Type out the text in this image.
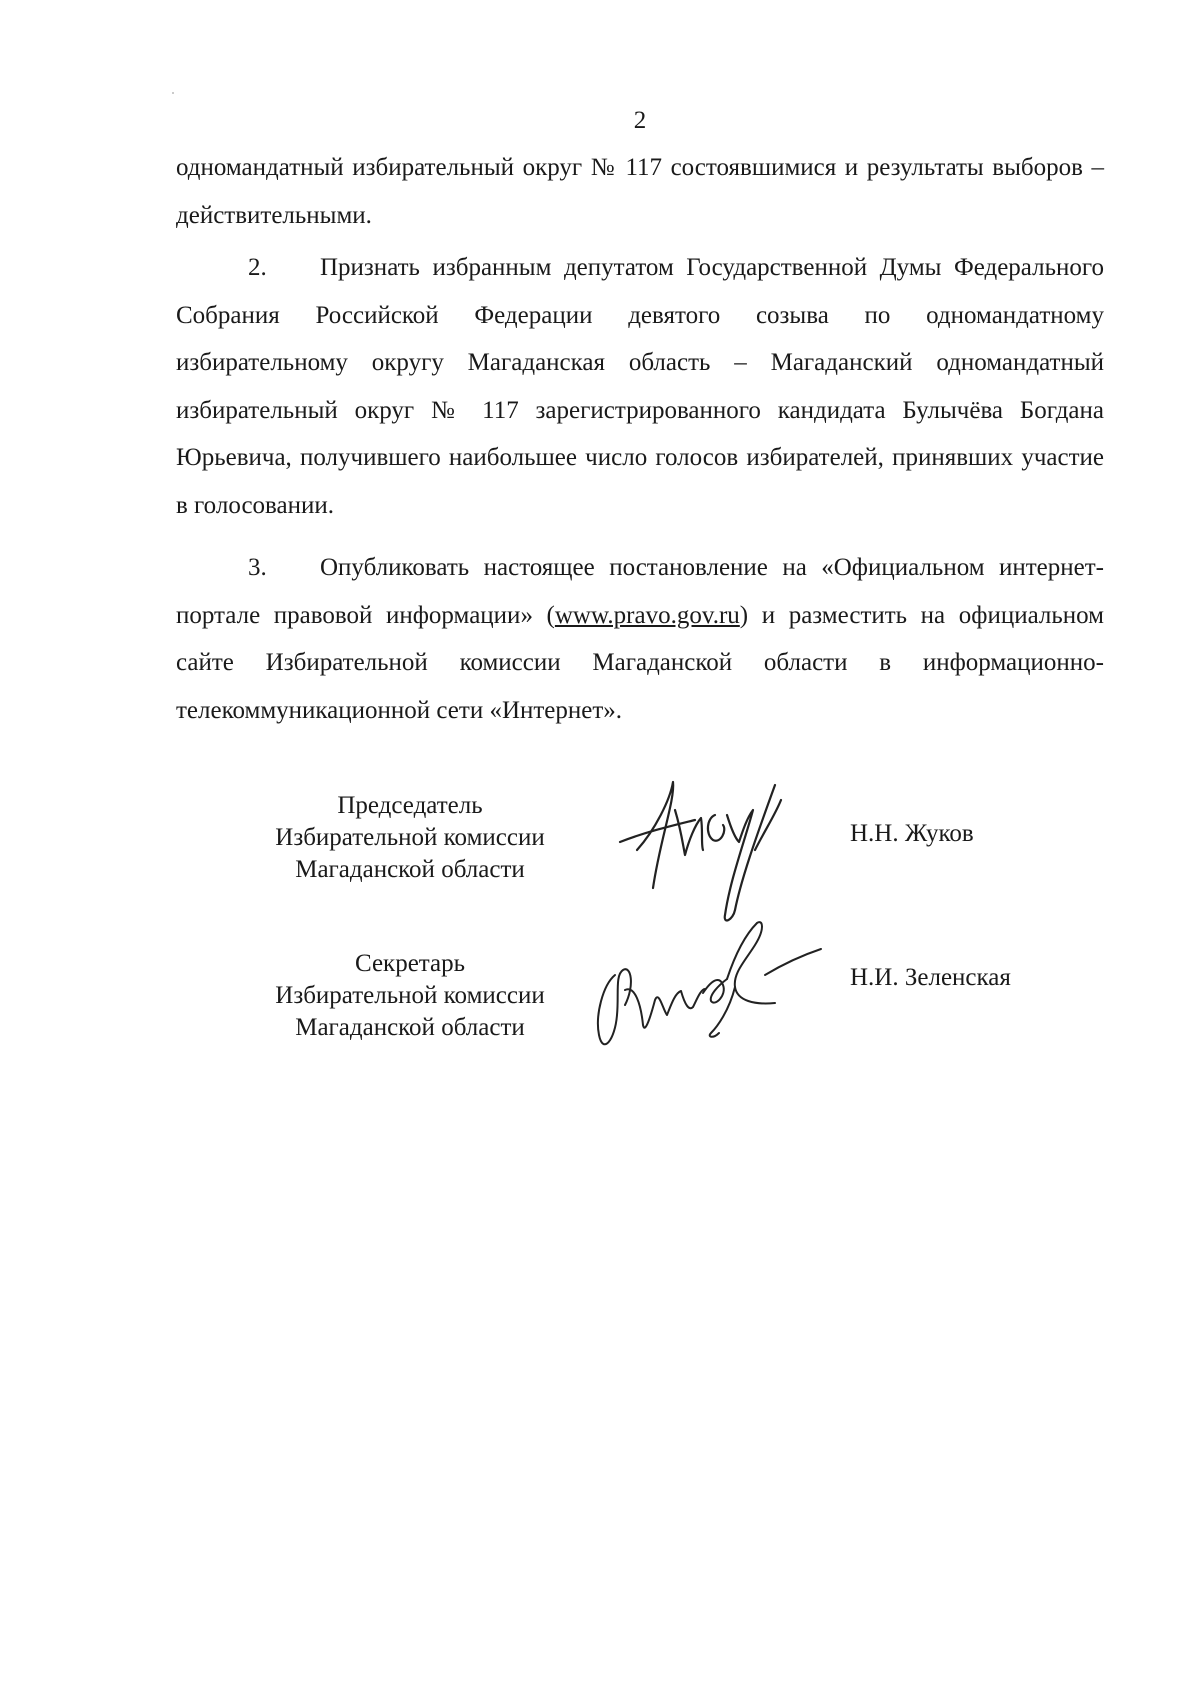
2

одномандатный избирательный округ № 117 состоявшимися и результаты выборов – действительными.

2. Признать избранным депутатом Государственной Думы Федерального Собрания Российской Федерации девятого созыва по одномандатному избирательному округу Магаданская область – Магаданский одномандатный избирательный округ № 117 зарегистрированного кандидата Булычёва Богдана Юрьевича, получившего наибольшее число голосов избирателей, принявших участие в голосовании.

3. Опубликовать настоящее постановление на «Официальном интернет-портале правовой информации» (www.pravo.gov.ru) и разместить на официальном сайте Избирательной комиссии Магаданской области в информационно-телекоммуникационной сети «Интернет».

Председатель
Избирательной комиссии
Магаданской области
Н.Н. Жуков
Секретарь
Избирательной комиссии
Магаданской области
Н.И. Зеленская
